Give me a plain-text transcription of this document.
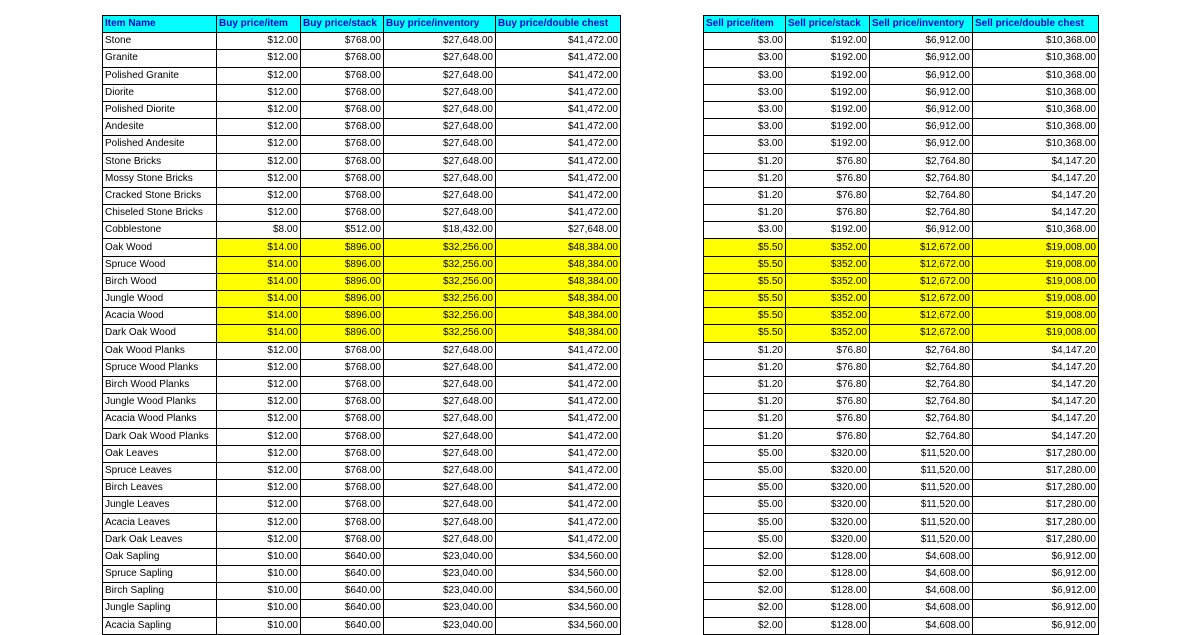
Item Name	Buy price/item	Buy price/stack	Buy price/inventory	Buy price/double chest		Sell price/item	Sell price/stack	Sell price/inventory	Sell price/double chest
Stone	$12.00	$768.00	$27,648.00	$41,472.00		$3.00	$192.00	$6,912.00	$10,368.00
Granite	$12.00	$768.00	$27,648.00	$41,472.00		$3.00	$192.00	$6,912.00	$10,368.00
Polished Granite	$12.00	$768.00	$27,648.00	$41,472.00		$3.00	$192.00	$6,912.00	$10,368.00
Diorite	$12.00	$768.00	$27,648.00	$41,472.00		$3.00	$192.00	$6,912.00	$10,368.00
Polished Diorite	$12.00	$768.00	$27,648.00	$41,472.00		$3.00	$192.00	$6,912.00	$10,368.00
Andesite	$12.00	$768.00	$27,648.00	$41,472.00		$3.00	$192.00	$6,912.00	$10,368.00
Polished Andesite	$12.00	$768.00	$27,648.00	$41,472.00		$3.00	$192.00	$6,912.00	$10,368.00
Stone Bricks	$12.00	$768.00	$27,648.00	$41,472.00		$1.20	$76.80	$2,764.80	$4,147.20
Mossy Stone Bricks	$12.00	$768.00	$27,648.00	$41,472.00		$1.20	$76.80	$2,764.80	$4,147.20
Cracked Stone Bricks	$12.00	$768.00	$27,648.00	$41,472.00		$1.20	$76.80	$2,764.80	$4,147.20
Chiseled Stone Bricks	$12.00	$768.00	$27,648.00	$41,472.00		$1.20	$76.80	$2,764.80	$4,147.20
Cobblestone	$8.00	$512.00	$18,432.00	$27,648.00		$3.00	$192.00	$6,912.00	$10,368.00
Oak Wood	$14.00	$896.00	$32,256.00	$48,384.00		$5.50	$352.00	$12,672.00	$19,008.00
Spruce Wood	$14.00	$896.00	$32,256.00	$48,384.00		$5.50	$352.00	$12,672.00	$19,008.00
Birch Wood	$14.00	$896.00	$32,256.00	$48,384.00		$5.50	$352.00	$12,672.00	$19,008.00
Jungle Wood	$14.00	$896.00	$32,256.00	$48,384.00		$5.50	$352.00	$12,672.00	$19,008.00
Acacia Wood	$14.00	$896.00	$32,256.00	$48,384.00		$5.50	$352.00	$12,672.00	$19,008.00
Dark Oak Wood	$14.00	$896.00	$32,256.00	$48,384.00		$5.50	$352.00	$12,672.00	$19,008.00
Oak Wood Planks	$12.00	$768.00	$27,648.00	$41,472.00		$1.20	$76.80	$2,764.80	$4,147.20
Spruce Wood Planks	$12.00	$768.00	$27,648.00	$41,472.00		$1.20	$76.80	$2,764.80	$4,147.20
Birch Wood Planks	$12.00	$768.00	$27,648.00	$41,472.00		$1.20	$76.80	$2,764.80	$4,147.20
Jungle Wood Planks	$12.00	$768.00	$27,648.00	$41,472.00		$1.20	$76.80	$2,764.80	$4,147.20
Acacia Wood Planks	$12.00	$768.00	$27,648.00	$41,472.00		$1.20	$76.80	$2,764.80	$4,147.20
Dark Oak Wood Planks	$12.00	$768.00	$27,648.00	$41,472.00		$1.20	$76.80	$2,764.80	$4,147.20
Oak Leaves	$12.00	$768.00	$27,648.00	$41,472.00		$5.00	$320.00	$11,520.00	$17,280.00
Spruce Leaves	$12.00	$768.00	$27,648.00	$41,472.00		$5.00	$320.00	$11,520.00	$17,280.00
Birch Leaves	$12.00	$768.00	$27,648.00	$41,472.00		$5.00	$320.00	$11,520.00	$17,280.00
Jungle Leaves	$12.00	$768.00	$27,648.00	$41,472.00		$5.00	$320.00	$11,520.00	$17,280.00
Acacia Leaves	$12.00	$768.00	$27,648.00	$41,472.00		$5.00	$320.00	$11,520.00	$17,280.00
Dark Oak Leaves	$12.00	$768.00	$27,648.00	$41,472.00		$5.00	$320.00	$11,520.00	$17,280.00
Oak Sapling	$10.00	$640.00	$23,040.00	$34,560.00		$2.00	$128.00	$4,608.00	$6,912.00
Spruce Sapling	$10.00	$640.00	$23,040.00	$34,560.00		$2.00	$128.00	$4,608.00	$6,912.00
Birch Sapling	$10.00	$640.00	$23,040.00	$34,560.00		$2.00	$128.00	$4,608.00	$6,912.00
Jungle Sapling	$10.00	$640.00	$23,040.00	$34,560.00		$2.00	$128.00	$4,608.00	$6,912.00
Acacia Sapling	$10.00	$640.00	$23,040.00	$34,560.00		$2.00	$128.00	$4,608.00	$6,912.00
